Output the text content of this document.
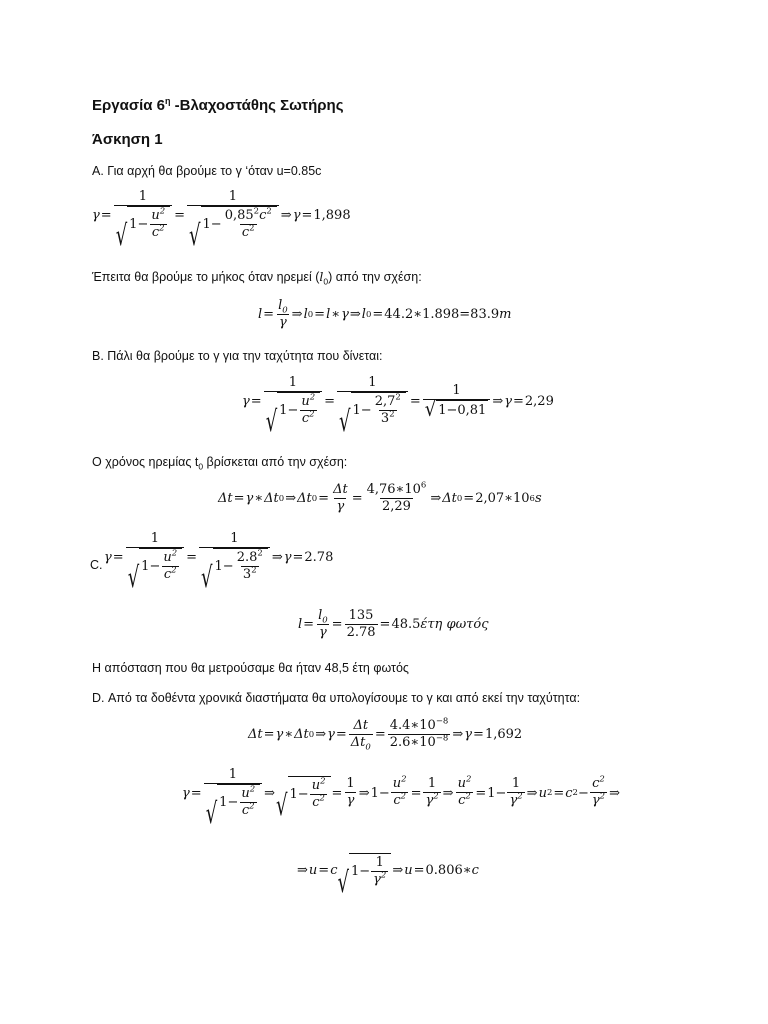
Εργασία $6^\eta$ -Βλαχοστάθης Σωτήρης
Άσκηση 1
Α. Για αρχή θα βρούμε το γ ‘όταν u=0.85c
$\gamma = \frac{1}{√ 1- \frac{u^2}{c^2}} = \frac{1}{√ 1- \frac{0,85^2c^2}{c^2}}$ ⇒ γ = 1,898
Έπειτα θα βρούμε το μήκος όταν ηρεμεί $(l_0)$ από την σχέση:
$l = \frac{l_0}{\gamma}$ ⇒ l 0 = l ∗ γ ⇒ l 0 = 44.2∗1.898=83.9 m
Β. Πάλι θα βρούμε το γ για την ταχύτητα που δίνεται:
$\gamma = \frac{1}{√ 1- \frac{u^2}{c^2}} = \frac{1}{√ 1- \frac{2,7^2}{3^2}} = \frac{1}{√ 1-0,81}$ ⇒ γ = 2,29
Ο χρόνος ηρεμίας $t_0$ βρίσκεται από την σχέση:
Δt = γ ∗ Δt 0 ⇒ Δt $0 = \frac{\Delta t}{\gamma} = \frac{4,76∗10^6}{2,29}$ ⇒ Δt 0 = 2,07∗10 6 s
C.
$\gamma = \frac{1}{√ 1- \frac{u^2}{c^2}} = \frac{1}{√ 1- \frac{2.8^2}{3^2}}$ ⇒ γ = 2.78
$l = \frac{l_0}{\gamma} = \frac{135}{2.78} = 48.5$ έτη φωτός
Η απόσταση που θα μετρούσαμε θα ήταν 48,5 έτη φωτός
D. Από τα δοθέντα χρονικά διαστήματα θα υπολογίσουμε το γ και από εκεί την ταχύτητα:
Δt = γ ∗ Δt 0 ⇒ $\gamma = \frac{\Delta t}{\Delta t_0} = \frac{4.4∗10^{-8}}{2.6∗10^{-8}}$ ⇒ γ = 1,692
$\gamma = \frac{1}{√ 1- \frac{u^2}{c^2}}$ ⇒ √ $1- \frac{u^2}{c^2} = \frac{1}{\gamma}$ ⇒ $1- \frac{u^2}{c^2} = \frac{1}{\gamma^2}$ ⇒ $\frac{u^2}{c^2} = 1- \frac{1}{\gamma^2}$ ⇒ u 2 = c $2 - \frac{c^2}{\gamma^2}$ ⇒
⇒ u = c √ $1- \frac{1}{\gamma^2}$ ⇒ u = 0.806∗ c
